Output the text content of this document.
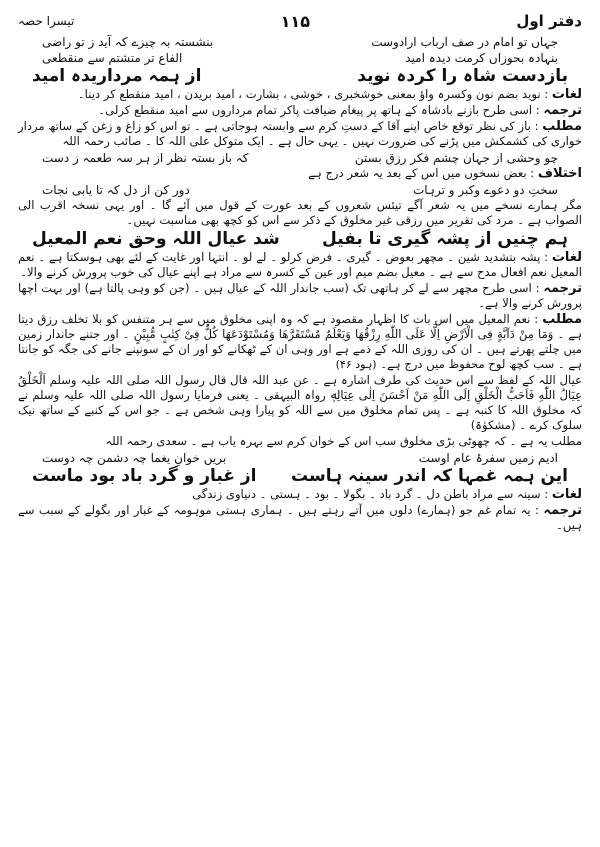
تیسرا حصہ	۱۱۵	دفتر اول
جہاں تو امام در صف ارباب ارادوست
بنشستہ بہ چیزے کہ آید ز تو راضی
بنہادہ بحوزاں کرمت دیدہ امید
الفاع تر متشتم سے منقطعی
بازدست شاہ را کردہ نوید
از ہمہ مرداریدہ امید

لغات : نوید بضم نون وکسرہ واؤ بمعنی خوشخبری ، خوشی ، بشارت ، امید بریدن ، امید منقطع کر دینا۔

ترجمہ : اسی طرح بازنے بادشاہ کے ہاتھ پر پیغام ضیافت پاکر تمام مرداروں سے امید منقطع کرلی۔

مطلب : باز کی نظر توقع خاص اپنے آقا کے دستِ کرم سے وابستہ ہوجاتی ہے ۔ تو اس کو زاغ و زغن کے ساتھ مردار خواری کی کشمکش میں پڑنے کی ضرورت نہیں ۔ یہی حال ہے ۔ ایک متوکل علی اللہ کا ۔ صائب رحمہ اللہ

چو وحشی از جہان چشم فکر رزق بستن
کہ باز بستہ نظر از ہر سہ طعمہ ز دست

اختلاف : بعض نسخوں میں اس کے بعد یہ شعر درج ہے

سختِ دو دعوے وکبر و ترہات
دور کن از دل کہ تا یابی نجات

مگر ہمارے نسخے میں یہ شعر آگے تیئس شعروں کے بعد عورت کے قول میں آئے گا ۔ اور یہی نسخہ اقرب الی الصواب ہے ۔ مرد کی تقریر میں رزقی غیر مخلوق کے ذکر سے اس کو کچھ بھی مناسبت نہیں۔

ہم چنیں از پشہ گیری تا بفیل
شد عیال اللہ وحق نعم المعیل

لغات : پشہ بتشدید شین ۔ مچھر بعوض ۔ گیری ۔ فرض کرلو ۔ لے لو ۔ انتہا اور غایت کے لئے بھی ہوسکتا ہے ۔ نعم المعیل نعم افعال مدح سے ہے ۔ معیل بضم میم اور عین کے کسرہ سے مراد ہے اپنے عیال کی خوب پرورش کرنے والا۔

ترجمہ : اسی طرح مچھر سے لے کر ہاتھی تک (سب جاندار اللہ کے عیال ہیں ۔ (جن کو وہی پالتا ہے) اور بہت اچھا پرورش کرنے والا ہے۔

مطلب : نعم المعیل میں اس بات کا اظہار مقصود ہے کہ وہ اپنی مخلوق میں سے ہر متنفس کو بلا تخلف رزق دیتا ہے ۔ وَمَا مِنْ دَآبَّةٍ فِی الْاَرْضِ اِلَّا عَلَی اللّٰهِ رِزْقُهَا وَيَعْلَمُ مُسْتَقَرَّهَا وَمُسْتَوْدَعَهَا كُلٌّ فِیْ كِتٰبٍ مُّبِیْنٍ ۔ اور جتنے جاندار زمین میں چلتے پھرتے ہیں ۔ ان کی روزی اللہ کے ذمے ہے اور وہی ان کے ٹھکانے کو اور ان کے سونپنے جانے کی جگہ کو جانتا ہے ۔ سب کچھ لوح محفوظ میں درج ہے۔ (ہود ۴۶)

عیال اللہ کے لفظ سے اس حدیث کی طرف اشارہ ہے ۔ عن عبد اللہ قال قال رسول اللہ صلی اللہ علیہ وسلم اَلْخَلْقُ عِیَالُ اللّٰهِ فَاَحَبُّ الْخَلْقِ اِلَی اللّٰهِ مَنْ اَحْسَنَ اِلٰی عِیَالِهٖ رواہ البیہقی ۔ یعنی فرمایا رسول اللہ صلی اللہ علیہ وسلم نے کہ مخلوق اللہ کا کنبہ ہے ۔ پس تمام مخلوق میں سے اللہ کو پیارا وہی شخص ہے ۔ جو اس کے کنبے کے ساتھ نیک سلوک کرے ۔ (مشکوٰۃ)

مطلب یہ ہے ۔ کہ چھوٹی بڑی مخلوق سب اس کے خوان کرم سے بہرہ یاب ہے ۔ سعدی رحمہ اللہ

ادیم زمیں سفرۂ عام اوست
بریں خوانِ یغما چہ دشمن چہ دوست
این ہمہ غمہا کہ اندر سینہ ہاست
از غبار و گرد باد بود ماست

لغات : سینہ سے مراد باطن دل ۔ گرد باد ۔ بگولا ۔ بود ۔ ہستی ۔ دنیاوی زندگی

ترجمہ : یہ تمام غم جو (ہمارے) دلوں میں آتے رہتے ہیں ۔ ہماری ہستی موہومہ کے غبار اور بگولے کے سبب سے ہیں۔
